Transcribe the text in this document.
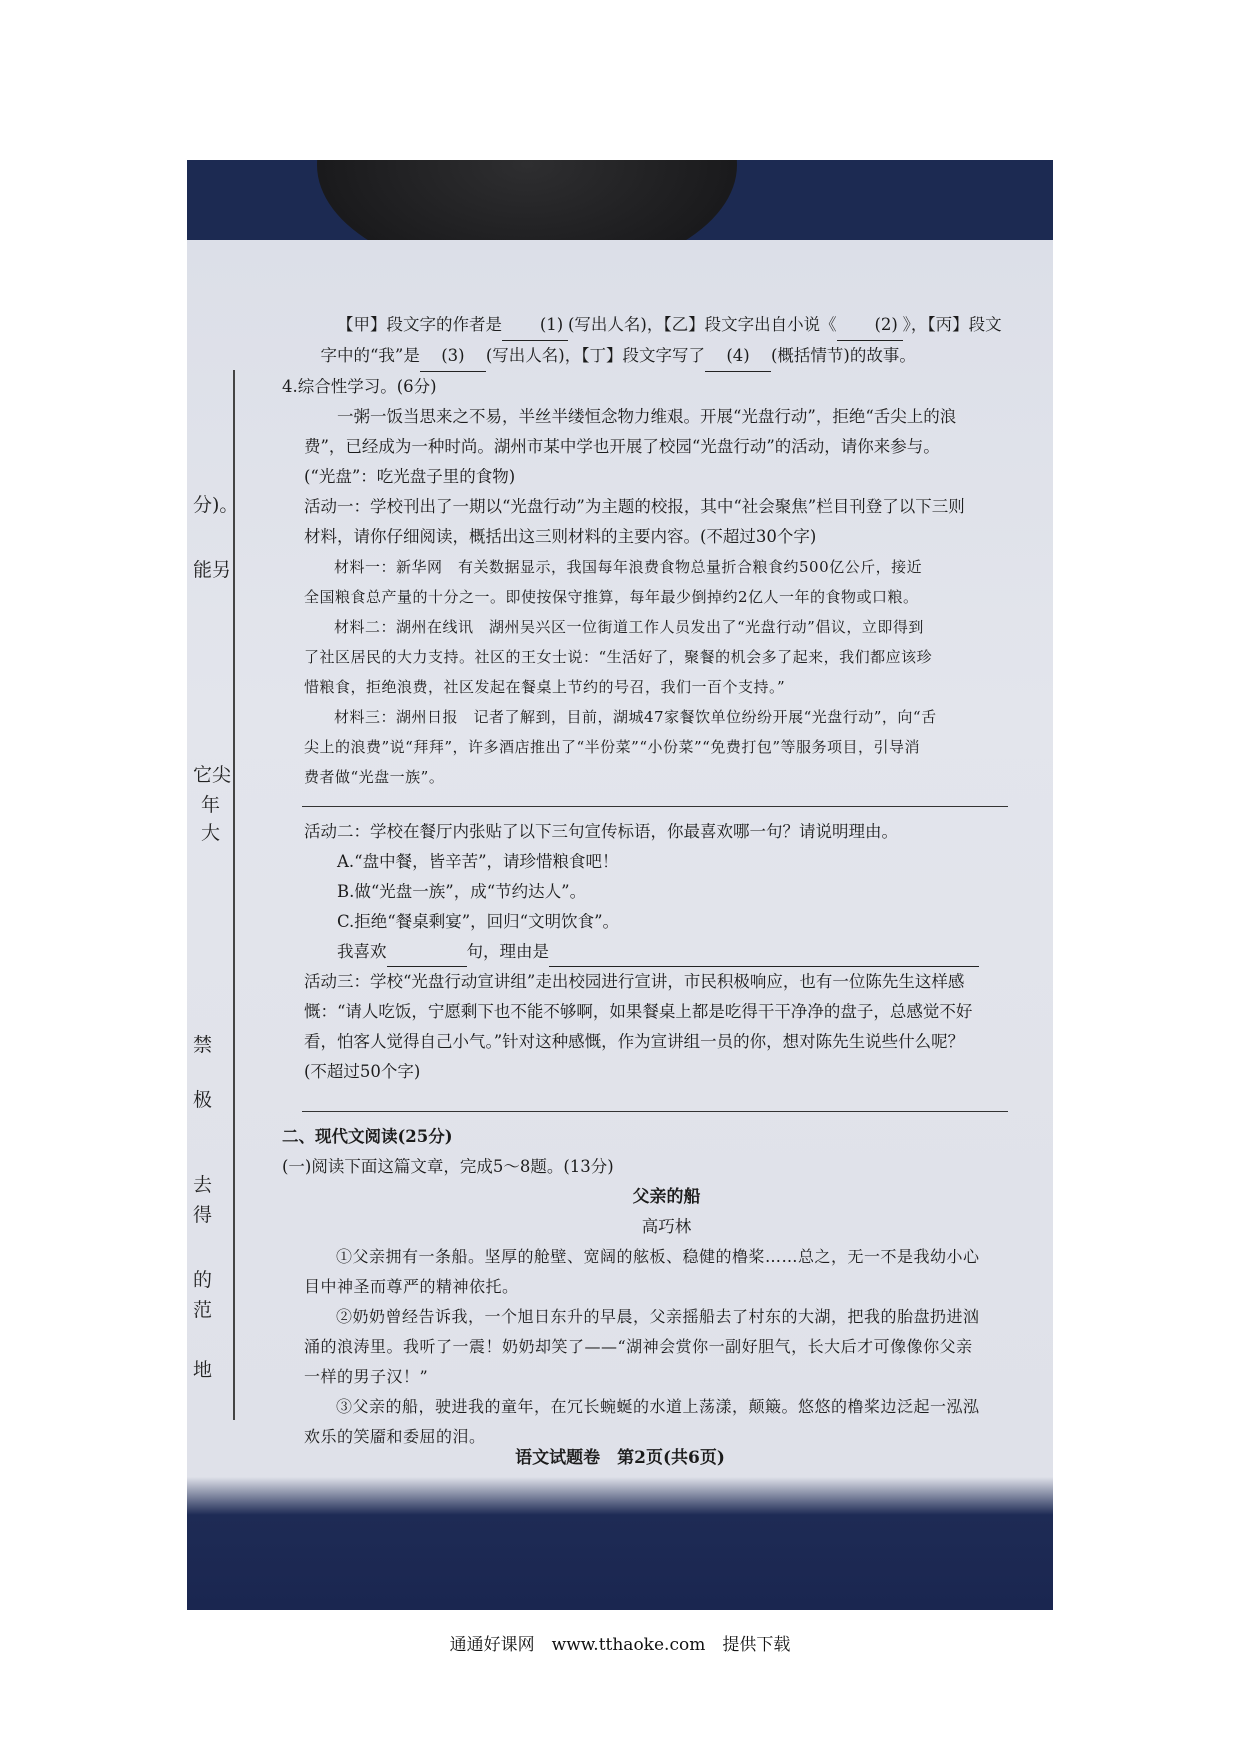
分)。
能另
它尖
年
大
禁
极
去
得
的
范
地
语文试题卷　第2页(共6页)

【甲】段文字的作者是 (1) (写出人名)，【乙】段文字出自小说《 (2) 》，【丙】段文

字中的“我”是 (3) (写出人名)，【丁】段文字写了 (4) (概括情节)的故事。

4.综合性学习。(6分)

一粥一饭当思来之不易，半丝半缕恒念物力维艰。开展“光盘行动”，拒绝“舌尖上的浪

费”，已经成为一种时尚。湖州市某中学也开展了校园“光盘行动”的活动，请你来参与。

(“光盘”：吃光盘子里的食物)

活动一：学校刊出了一期以“光盘行动”为主题的校报，其中“社会聚焦”栏目刊登了以下三则

材料，请你仔细阅读，概括出这三则材料的主要内容。(不超过30个字)

材料一：新华网　有关数据显示，我国每年浪费食物总量折合粮食约500亿公斤，接近

全国粮食总产量的十分之一。即使按保守推算，每年最少倒掉约2亿人一年的食物或口粮。

材料二：湖州在线讯　湖州吴兴区一位街道工作人员发出了“光盘行动”倡议，立即得到

了社区居民的大力支持。社区的王女士说：“生活好了，聚餐的机会多了起来，我们都应该珍

惜粮食，拒绝浪费，社区发起在餐桌上节约的号召，我们一百个支持。”

材料三：湖州日报　记者了解到，目前，湖城47家餐饮单位纷纷开展“光盘行动”，向“舌

尖上的浪费”说“拜拜”，许多酒店推出了“半份菜”“小份菜”“免费打包”等服务项目，引导消

费者做“光盘一族”。

活动二：学校在餐厅内张贴了以下三句宣传标语，你最喜欢哪一句？请说明理由。

A.“盘中餐，皆辛苦”，请珍惜粮食吧！

B.做“光盘一族”，成“节约达人”。

C.拒绝“餐桌剩宴”，回归“文明饮食”。

我喜欢	句，理由是

活动三：学校“光盘行动宣讲组”走出校园进行宣讲，市民积极响应，也有一位陈先生这样感

慨：“请人吃饭，宁愿剩下也不能不够啊，如果餐桌上都是吃得干干净净的盘子，总感觉不好

看，怕客人觉得自己小气。”针对这种感慨，作为宣讲组一员的你，想对陈先生说些什么呢？

(不超过50个字)

二、现代文阅读(25分)

(一)阅读下面这篇文章，完成5～8题。(13分)

父亲的船

高巧林

①父亲拥有一条船。坚厚的舱壁、宽阔的舷板、稳健的橹桨……总之，无一不是我幼小心

目中神圣而尊严的精神依托。

②奶奶曾经告诉我，一个旭日东升的早晨，父亲摇船去了村东的大湖，把我的胎盘扔进汹

涌的浪涛里。我听了一震！奶奶却笑了——“湖神会赏你一副好胆气，长大后才可像像你父亲

一样的男子汉！”

③父亲的船，驶进我的童年，在冗长蜿蜒的水道上荡漾，颠簸。悠悠的橹桨边泛起一泓泓

欢乐的笑靥和委屈的泪。

通通好课网　www.tthaoke.com　提供下载
